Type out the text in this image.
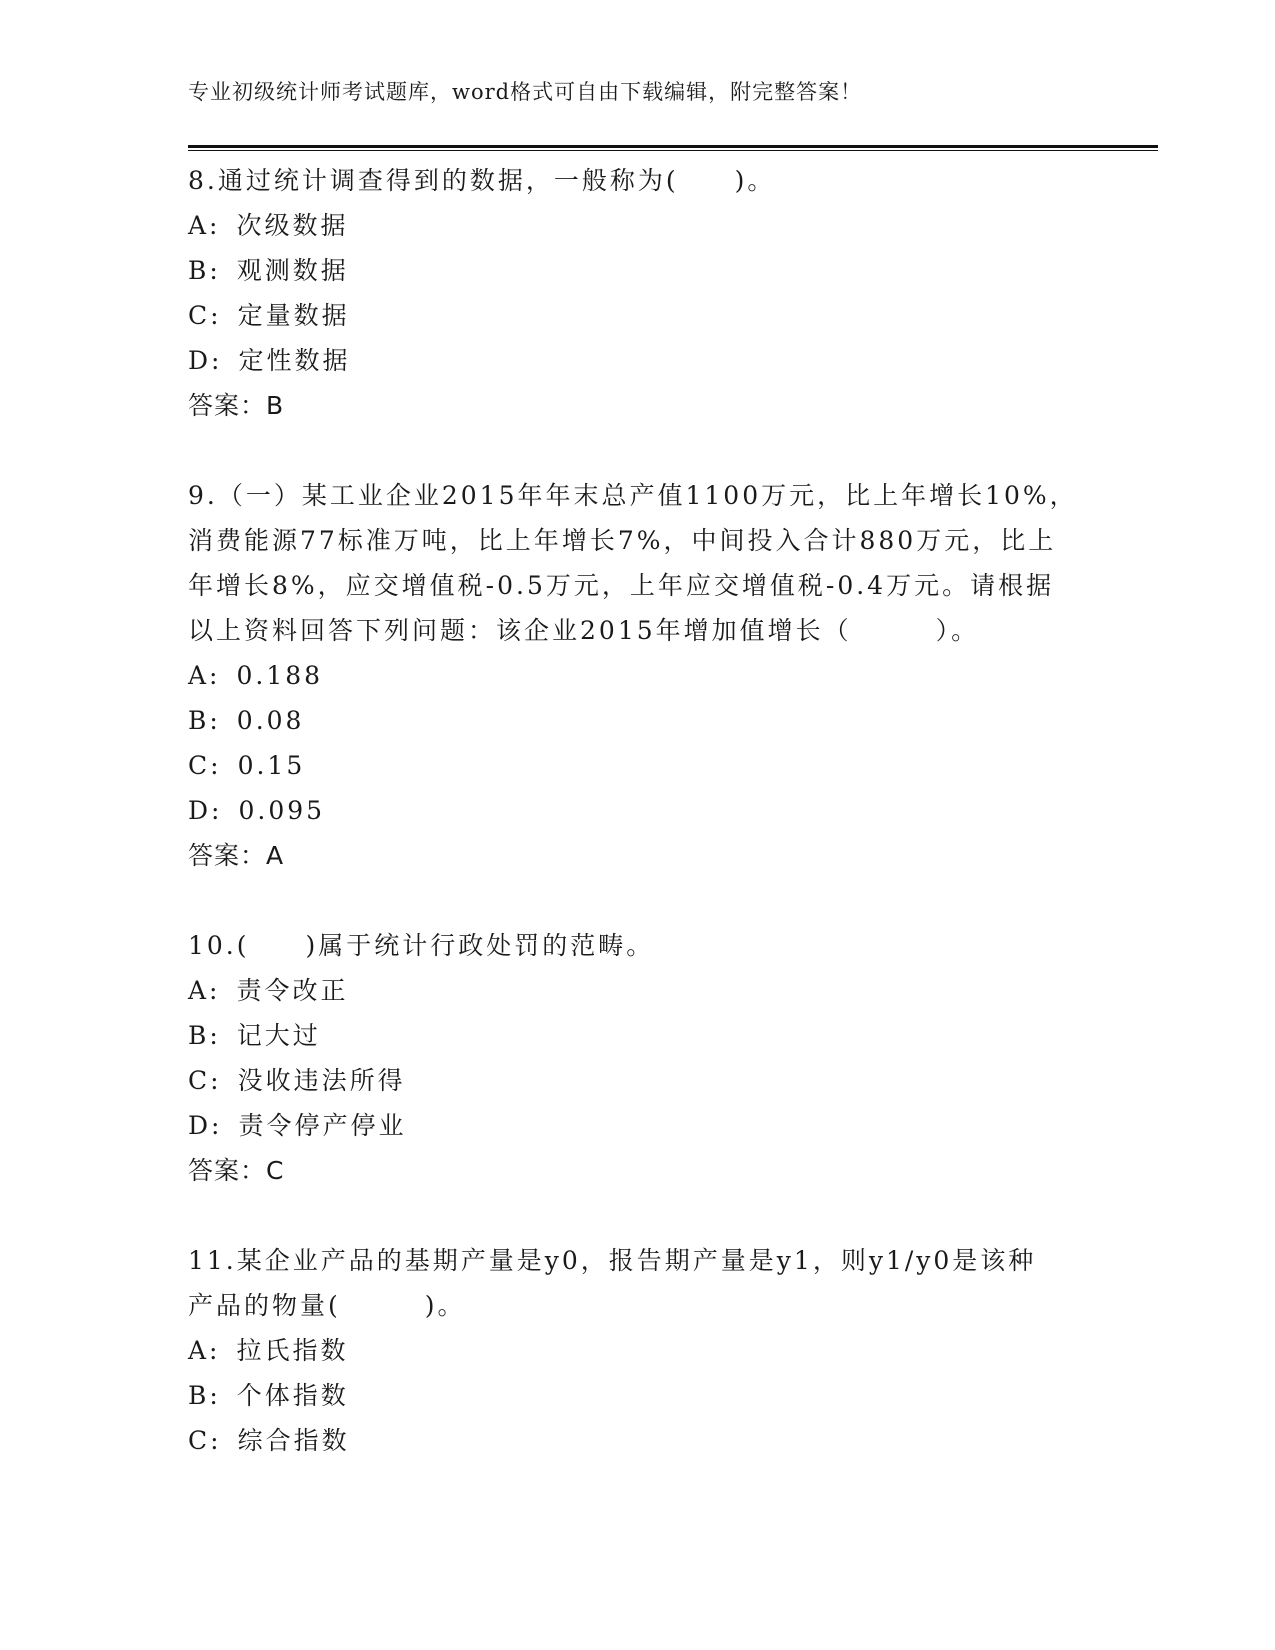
专业初级统计师考试题库，word格式可自由下载编辑，附完整答案！
8.通过统计调查得到的数据，一般称为(　　)。
A: 次级数据
B: 观测数据
C: 定量数据
D: 定性数据
答案：B
9.（一）某工业企业2015年年末总产值1100万元，比上年增长10%，
消费能源77标准万吨，比上年增长7%，中间投入合计880万元，比上
年增长8%，应交增值税-0.5万元，上年应交增值税-0.4万元。请根据
以上资料回答下列问题：该企业2015年增加值增长（　　　）。
A: 0.188
B: 0.08
C: 0.15
D: 0.095
答案：A
10.(　　)属于统计行政处罚的范畴。
A: 责令改正
B: 记大过
C: 没收违法所得
D: 责令停产停业
答案：C
11.某企业产品的基期产量是y0，报告期产量是y1，则y1/y0是该种
产品的物量(　　　)。
A: 拉氏指数
B: 个体指数
C: 综合指数
